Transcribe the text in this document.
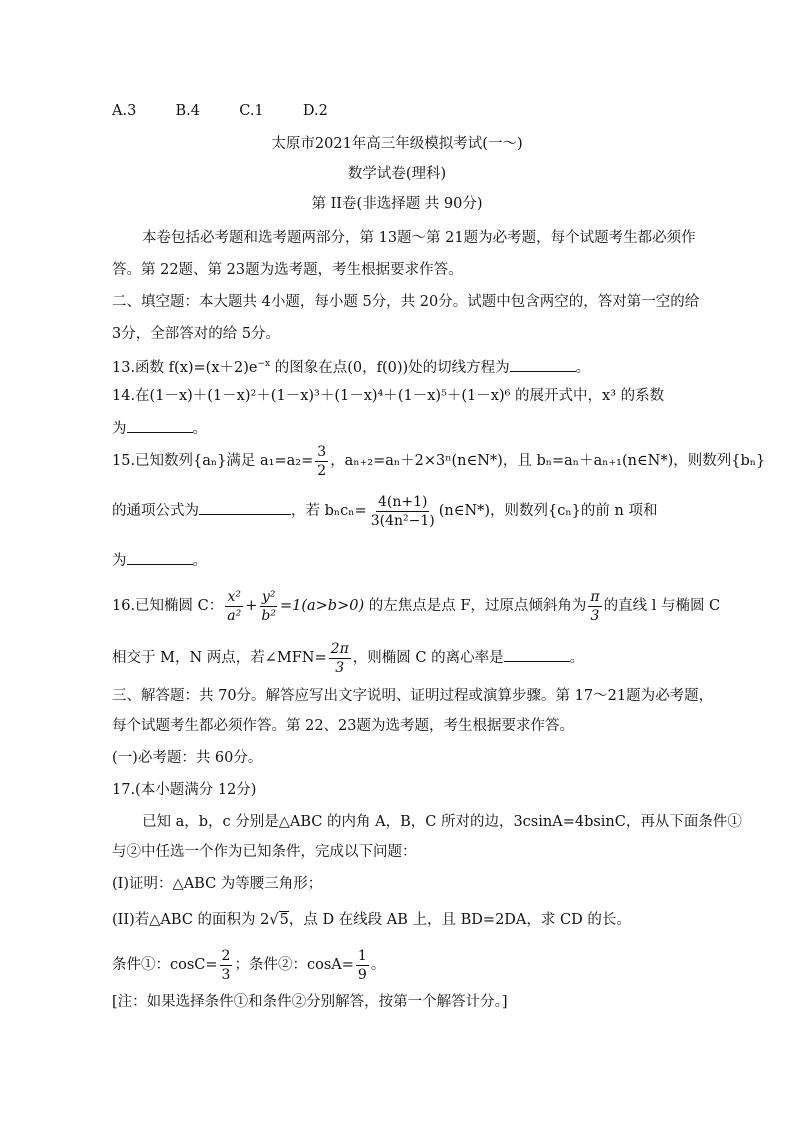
A.3	B.4	C.1	D.2
太原市2021年高三年级模拟考试(一～)
数学试卷(理科)
第 II卷(非选择题 共 90分)
本卷包括必考题和选考题两部分，第 13题～第 21题为必考题，每个试题考生都必须作
答。第 22题、第 23题为选考题，考生根据要求作答。
二、填空题：本大题共 4小题，每小题 5分，共 20分。试题中包含两空的，答对第一空的给
3分，全部答对的给 5分。
13.函数 $f(x)=(x+2)e^{-x}$ 的图象在点(0，f(0))处的切线方程为	。
14.在(1－x)＋(1－x)²＋(1－x)³＋(1－x)⁴＋(1－x)⁵＋(1－x)⁶ 的展开式中，x³ 的系数
为	。
15.已知数列{aₙ}满足 $a_1=a_2= \frac{3}{2}$ ，aₙ₊₂=aₙ＋2×3ⁿ(n∈N*)，且 bₙ=aₙ＋aₙ₊₁(n∈N*)，则数列{bₙ}
的通项公式为	，若 $b_nc_n= \frac{4(n+1)}{\text{3(4n²−1)}}$ (n∈N*)，则数列{cₙ}的前 n 项和
为	。
16.已知椭圆 C： $\frac{\text{x²}}{\text{a²}} + \frac{\text{y²}}{\text{b²}} =1(a>b>0)$ 的左焦点是点 F，过原点倾斜角为 $\frac{\pi}{3}$ 的直线 l 与椭圆 C
相交于 M，N 两点，若∠MFN= $\frac{2\pi}{3}$ ，则椭圆 C 的离心率是	。
三、解答题：共 70分。解答应写出文字说明、证明过程或演算步骤。第 17～21题为必考题，
每个试题考生都必须作答。第 22、23题为选考题，考生根据要求作答。
(一)必考题：共 60分。
17.(本小题满分 12分)
已知 a，b，c 分别是△ABC 的内角 A，B，C 所对的边，3csinA=4bsinC，再从下面条件①
与②中任选一个作为已知条件，完成以下问题：
(I)证明：△ABC 为等腰三角形；
(II)若△ABC 的面积为 2√5，点 D 在线段 AB 上，且 BD=2DA，求 CD 的长。
条件①：$\cos C= \frac{2}{3}$ ；条件②：$\cos A= \frac{1}{9}$ 。
[注：如果选择条件①和条件②分别解答，按第一个解答计分。]
